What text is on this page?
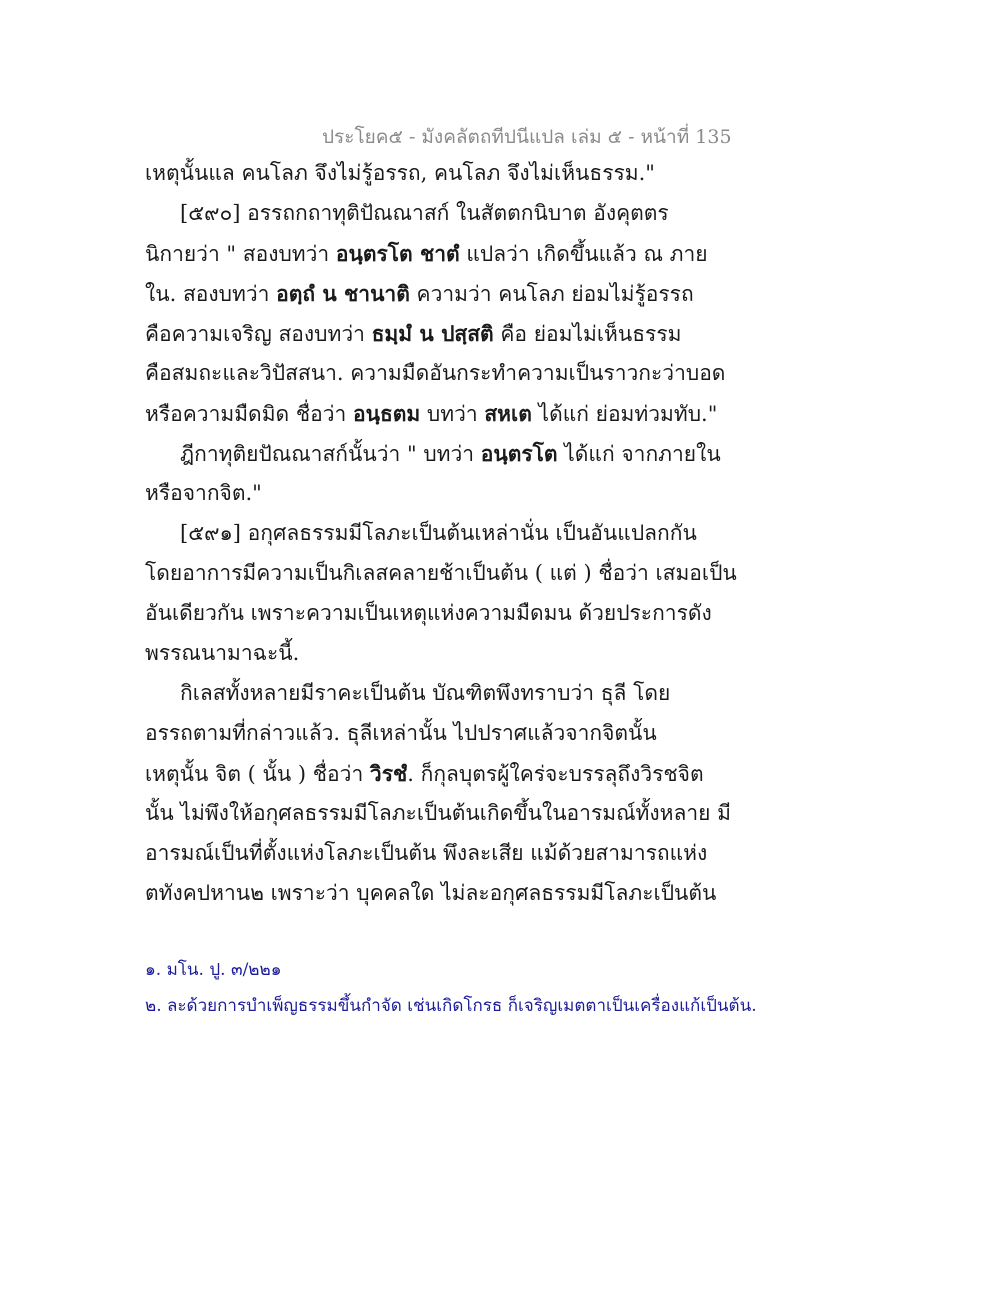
ประโยค๕ - มังคลัตถทีปนีแปล เล่ม ๕ - หน้าที่ 135
เหตุนั้นแล คนโลภ จึงไม่รู้อรรถ, คนโลภ จึงไม่เห็นธรรม."
[๕๙๐] อรรถกถาทุติปัณณาสก์ ในสัตตกนิบาต อังคุตตร
นิกายว่า " สองบทว่า อนฺตรโต ชาตํ แปลว่า เกิดขึ้นแล้ว ณ ภาย
ใน. สองบทว่า อตฺถํ น ชานาติ ความว่า คนโลภ ย่อมไม่รู้อรรถ
คือความเจริญ สองบทว่า ธมฺมํ น ปสฺสติ คือ ย่อมไม่เห็นธรรม
คือสมถะและวิปัสสนา. ความมืดอันกระทำความเป็นราวกะว่าบอด
หรือความมืดมิด ชื่อว่า อนฺธตม บทว่า สหเต ได้แก่ ย่อมท่วมทับ."
ฎีกาทุติยปัณณาสก์นั้นว่า " บทว่า อนฺตรโต ได้แก่ จากภายใน
หรือจากจิต."
[๕๙๑] อกุศลธรรมมีโลภะเป็นต้นเหล่านั่น เป็นอันแปลกกัน
โดยอาการมีความเป็นกิเลสคลายช้าเป็นต้น ( แต่ ) ชื่อว่า เสมอเป็น
อันเดียวกัน เพราะความเป็นเหตุแห่งความมืดมน ด้วยประการดัง
พรรณนามาฉะนี้.
กิเลสทั้งหลายมีราคะเป็นต้น บัณฑิตพึงทราบว่า ธุลี โดย
อรรถตามที่กล่าวแล้ว. ธุลีเหล่านั้น ไปปราศแล้วจากจิตนั้น
เหตุนั้น จิต ( นั้น ) ชื่อว่า วิรชํ. ก็กุลบุตรผู้ใคร่จะบรรลุถึงวิรชจิต
นั้น ไม่พึงให้อกุศลธรรมมีโลภะเป็นต้นเกิดขึ้นในอารมณ์ทั้งหลาย มี
อารมณ์เป็นที่ตั้งแห่งโลภะเป็นต้น พึงละเสีย แม้ด้วยสามารถแห่ง
ตทังคปหาน๒ เพราะว่า บุคคลใด ไม่ละอกุศลธรรมมีโลภะเป็นต้น
๑. มโน. ปู. ๓/๒๒๑
๒. ละด้วยการบำเพ็ญธรรมขึ้นกำจัด เช่นเกิดโกรธ ก็เจริญเมตตาเป็นเครื่องแก้เป็นต้น.
